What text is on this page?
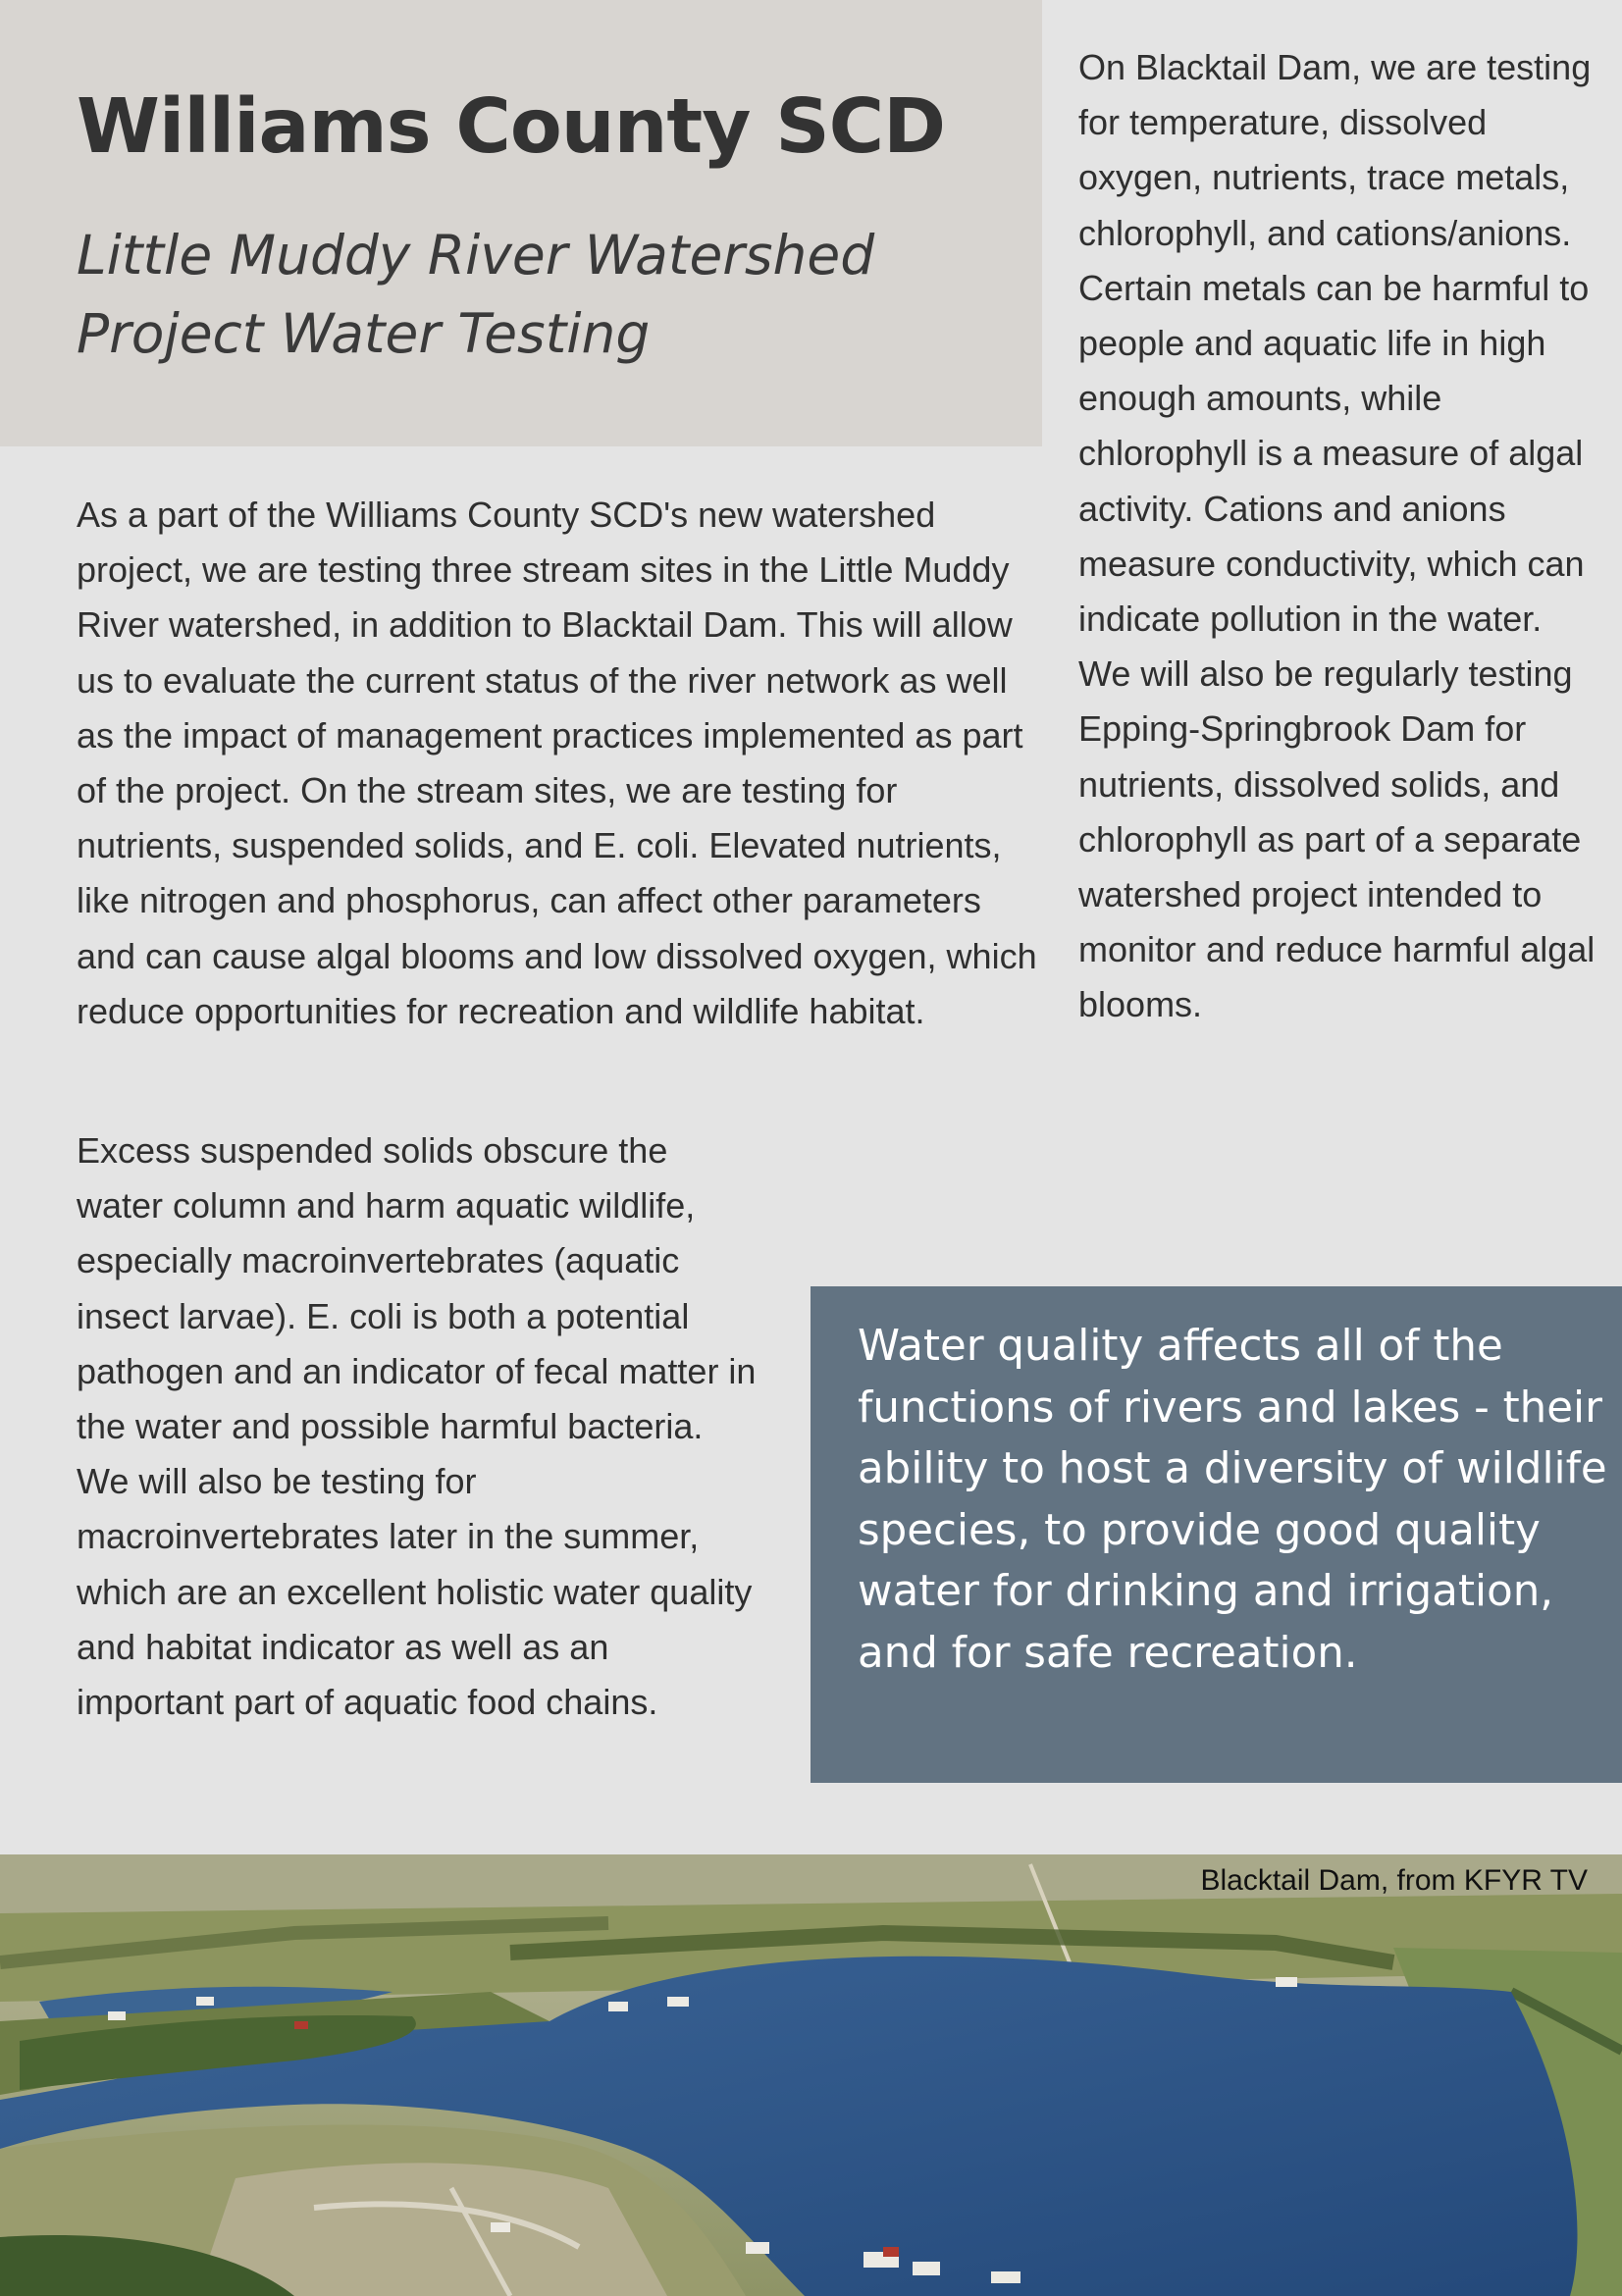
Williams County SCD
Little Muddy River Watershed
Project Water Testing

As a part of the Williams County SCD's new watershed project, we are testing three stream sites in the Little Muddy River watershed, in addition to Blacktail Dam. This will allow us to evaluate the current status of the river network as well as the impact of management practices implemented as part of the project. On the stream sites, we are testing for nutrients, suspended solids, and E. coli. Elevated nutrients, like nitrogen and phosphorus, can affect other parameters and can cause algal blooms and low dissolved oxygen, which reduce opportunities for recreation and wildlife habitat.

Excess suspended solids obscure the water column and harm aquatic wildlife, especially macroinvertebrates (aquatic insect larvae). E. coli is both a potential pathogen and an indicator of fecal matter in the water and possible harmful bacteria. We will also be testing for macroinvertebrates later in the summer, which are an excellent holistic water quality and habitat indicator as well as an important part of aquatic food chains.

On Blacktail Dam, we are testing for temperature, dissolved oxygen, nutrients, trace metals, chlorophyll, and cations/anions. Certain metals can be harmful to people and aquatic life in high enough amounts, while chlorophyll is a measure of algal activity. Cations and anions measure conductivity, which can indicate pollution in the water. We will also be regularly testing Epping-Springbrook Dam for nutrients, dissolved solids, and chlorophyll as part of a separate watershed project intended to monitor and reduce harmful algal blooms.

Water quality affects all of the functions of rivers and lakes - their ability to host a diversity of wildlife species, to provide good quality water for drinking and irrigation, and for safe recreation.

Blacktail Dam, from KFYR TV
